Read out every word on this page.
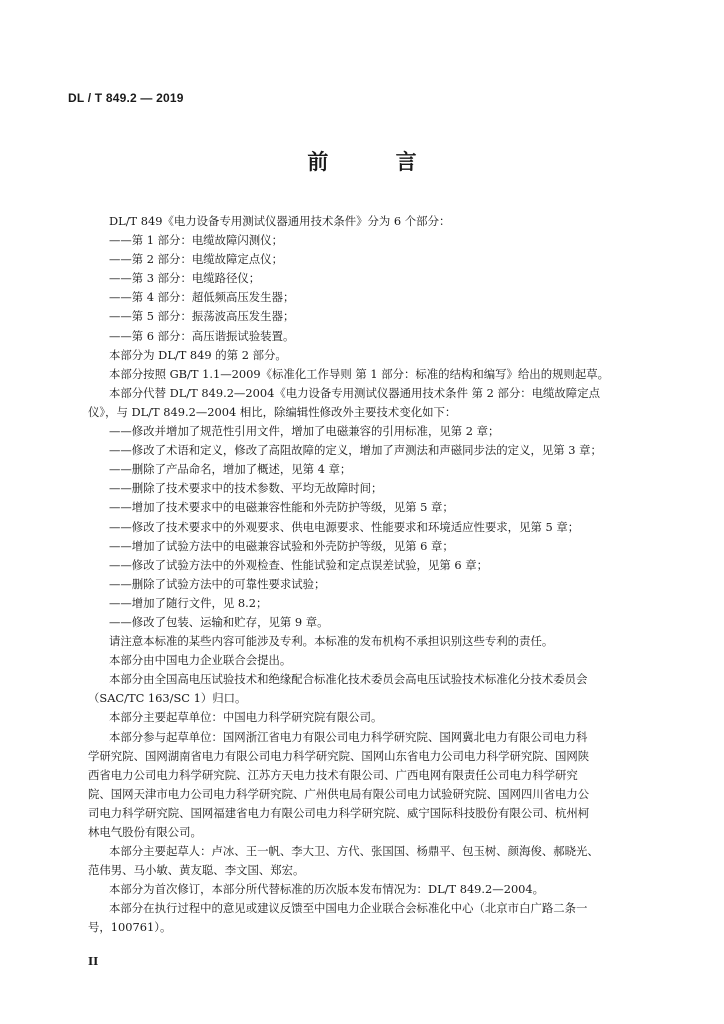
DL / T 849.2 — 2019
前 言
DL/T 849《电力设备专用测试仪器通用技术条件》分为 6 个部分：
——第 1 部分：电缆故障闪测仪；
——第 2 部分：电缆故障定点仪；
——第 3 部分：电缆路径仪；
——第 4 部分：超低频高压发生器；
——第 5 部分：振荡波高压发生器；
——第 6 部分：高压谐振试验装置。
本部分为 DL/T 849 的第 2 部分。
本部分按照 GB/T 1.1—2009《标准化工作导则 第 1 部分：标准的结构和编写》给出的规则起草。
本部分代替 DL/T 849.2—2004《电力设备专用测试仪器通用技术条件 第 2 部分：电缆故障定点
仪》，与 DL/T 849.2—2004 相比，除编辑性修改外主要技术变化如下：
——修改并增加了规范性引用文件，增加了电磁兼容的引用标准，见第 2 章；
——修改了术语和定义，修改了高阻故障的定义，增加了声测法和声磁同步法的定义，见第 3 章；
——删除了产品命名，增加了概述，见第 4 章；
——删除了技术要求中的技术参数、平均无故障时间；
——增加了技术要求中的电磁兼容性能和外壳防护等级，见第 5 章；
——修改了技术要求中的外观要求、供电电源要求、性能要求和环境适应性要求，见第 5 章；
——增加了试验方法中的电磁兼容试验和外壳防护等级，见第 6 章；
——修改了试验方法中的外观检查、性能试验和定点误差试验，见第 6 章；
——删除了试验方法中的可靠性要求试验；
——增加了随行文件，见 8.2；
——修改了包装、运输和贮存，见第 9 章。
请注意本标准的某些内容可能涉及专利。本标准的发布机构不承担识别这些专利的责任。
本部分由中国电力企业联合会提出。
本部分由全国高电压试验技术和绝缘配合标准化技术委员会高电压试验技术标准化分技术委员会
（SAC/TC 163/SC 1）归口。
本部分主要起草单位：中国电力科学研究院有限公司。
本部分参与起草单位：国网浙江省电力有限公司电力科学研究院、国网冀北电力有限公司电力科
学研究院、国网湖南省电力有限公司电力科学研究院、国网山东省电力公司电力科学研究院、国网陕
西省电力公司电力科学研究院、江苏方天电力技术有限公司、广西电网有限责任公司电力科学研究
院、国网天津市电力公司电力科学研究院、广州供电局有限公司电力试验研究院、国网四川省电力公
司电力科学研究院、国网福建省电力有限公司电力科学研究院、威宁国际科技股份有限公司、杭州柯
林电气股份有限公司。
本部分主要起草人：卢冰、王一帆、李大卫、方代、张国国、杨鼎平、包玉树、颜海俊、郝晓光、
范伟男、马小敏、黄友聪、李文国、郑宏。
本部分为首次修订，本部分所代替标准的历次版本发布情况为：DL/T 849.2—2004。
本部分在执行过程中的意见或建议反馈至中国电力企业联合会标准化中心（北京市白广路二条一
号，100761）。
II
